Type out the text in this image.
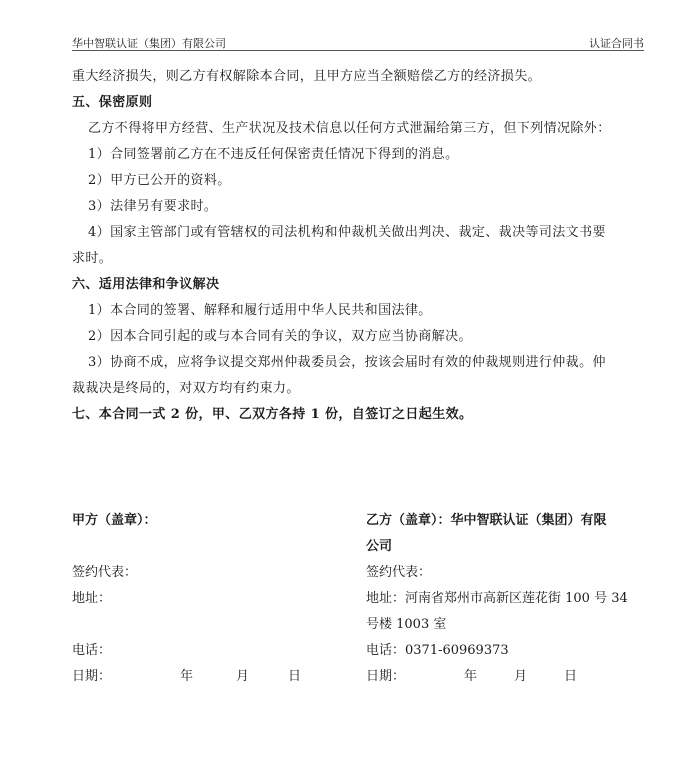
华中智联认证（集团）有限公司	认证合同书
重大经济损失，则乙方有权解除本合同，且甲方应当全额赔偿乙方的经济损失。
五、保密原则
乙方不得将甲方经营、生产状况及技术信息以任何方式泄漏给第三方，但下列情况除外：
1）合同签署前乙方在不违反任何保密责任情况下得到的消息。
2）甲方已公开的资料。
3）法律另有要求时。
4）国家主管部门或有管辖权的司法机构和仲裁机关做出判决、裁定、裁决等司法文书要
求时。
六、适用法律和争议解决
1）本合同的签署、解释和履行适用中华人民共和国法律。
2）因本合同引起的或与本合同有关的争议，双方应当协商解决。
3）协商不成，应将争议提交郑州仲裁委员会，按该会届时有效的仲裁规则进行仲裁。仲
裁裁决是终局的，对双方均有约束力。
七、本合同一式 2 份，甲、乙双方各持 1 份，自签订之日起生效。
甲方（盖章）：
签约代表：
地址：
电话：
日期：	年	月	日
乙方（盖章）：华中智联认证（集团）有限
公司
签约代表：
地址：河南省郑州市高新区莲花街 100 号 34
号楼 1003 室
电话：0371-60969373
日期：	年	月	日
